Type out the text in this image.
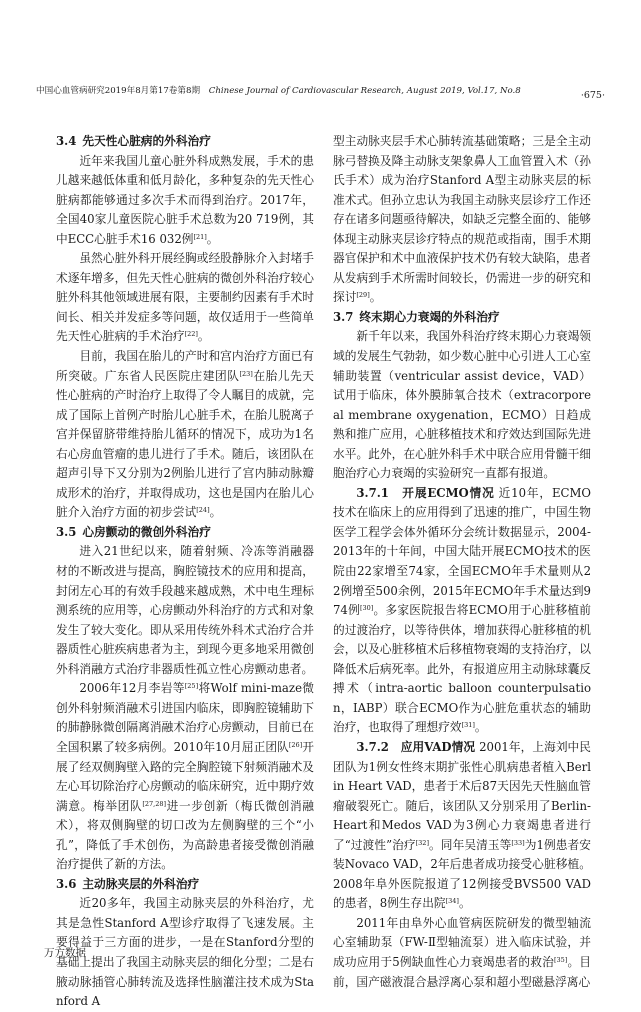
中国心血管病研究2019年8月第17卷第8期 Chinese Journal of Cardiovascular Research, August 2019, Vol.17, No.8	·675·

3.4 先天性心脏病的外科治疗

近年来我国儿童心脏外科成熟发展，手术的患儿越来越低体重和低月龄化，多种复杂的先天性心脏病都能够通过多次手术而得到治疗。2017年，全国40家儿童医院心脏手术总数为20 719例，其中ECC心脏手术16 032例[21]。

虽然心脏外科开展经胸或经股静脉介入封堵手术逐年增多，但先天性心脏病的微创外科治疗较心脏外科其他领域进展有限，主要制约因素有手术时间长、相关并发症多等问题，故仅适用于一些简单先天性心脏病的手术治疗[22]。

目前，我国在胎儿的产时和宫内治疗方面已有所突破。广东省人民医院庄建团队[23]在胎儿先天性心脏病的产时治疗上取得了令人瞩目的成就，完成了国际上首例产时胎儿心脏手术，在胎儿脱离子宫并保留脐带维持胎儿循环的情况下，成功为1名右心房血管瘤的患儿进行了手术。随后，该团队在超声引导下又分别为2例胎儿进行了宫内肺动脉瓣成形术的治疗，并取得成功，这也是国内在胎儿心脏介入治疗方面的初步尝试[24]。

3.5 心房颤动的微创外科治疗

进入21世纪以来，随着射频、冷冻等消融器材的不断改进与提高，胸腔镜技术的应用和提高，封闭左心耳的有效手段越来越成熟，术中电生理标测系统的应用等，心房颤动外科治疗的方式和对象发生了较大变化。即从采用传统外科术式治疗合并器质性心脏疾病患者为主，到现今更多地采用微创外科消融方式治疗非器质性孤立性心房颤动患者。

2006年12月李岩等[25]将Wolf mini-maze微创外科射频消融术引进国内临床，即胸腔镜辅助下的肺静脉微创隔离消融术治疗心房颤动，目前已在全国积累了较多病例。2010年10月屈正团队[26]开展了经双侧胸壁入路的完全胸腔镜下射频消融术及左心耳切除治疗心房颤动的临床研究，近中期疗效满意。梅举团队[27,28]进一步创新（梅氏微创消融术），将双侧胸壁的切口改为左侧胸壁的三个“小孔”，降低了手术创伤，为高龄患者接受微创消融治疗提供了新的方法。

3.6 主动脉夹层的外科治疗

近20多年，我国主动脉夹层的外科治疗，尤其是急性Stanford A型诊疗取得了飞速发展。主要得益于三方面的进步，一是在Stanford分型的基础上提出了我国主动脉夹层的细化分型；二是右腋动脉插管心肺转流及选择性脑灌注技术成为Stanford A

型主动脉夹层手术心肺转流基础策略；三是全主动脉弓替换及降主动脉支架象鼻人工血管置入术（孙氏手术）成为治疗Stanford A型主动脉夹层的标准术式。但孙立忠认为我国主动脉夹层诊疗工作还存在诸多问题亟待解决，如缺乏完整全面的、能够体现主动脉夹层诊疗特点的规范或指南，围手术期器官保护和术中血液保护技术仍有较大缺陷，患者从发病到手术所需时间较长，仍需进一步的研究和探讨[29]。

3.7 终末期心力衰竭的外科治疗

新千年以来，我国外科治疗终末期心力衰竭领域的发展生气勃勃，如少数心脏中心引进人工心室辅助装置（ventricular assist device，VAD）试用于临床，体外膜肺氧合技术（extracorporeal membrane oxygenation，ECMO）日趋成熟和推广应用，心脏移植技术和疗效达到国际先进水平。此外，在心脏外科手术中联合应用骨髓干细胞治疗心力衰竭的实验研究一直都有报道。

3.7.1　开展ECMO情况 近10年，ECMO技术在临床上的应用得到了迅速的推广，中国生物医学工程学会体外循环分会统计数据显示，2004-2013年的十年间，中国大陆开展ECMO技术的医院由22家增至74家，全国ECMO年手术量则从22例增至500余例，2015年ECMO年手术量达到974例[30]。多家医院报告将ECMO用于心脏移植前的过渡治疗，以等待供体，增加获得心脏移植的机会，以及心脏移植术后移植物衰竭的支持治疗，以降低术后病死率。此外，有报道应用主动脉球囊反搏术（intra-aortic balloon counterpulsation，IABP）联合ECMO作为心脏危重状态的辅助治疗，也取得了理想疗效[31]。

3.7.2　应用VAD情况 2001年，上海刘中民团队为1例女性终末期扩张性心肌病患者植入Berlin Heart VAD，患者于术后87天因先天性脑血管瘤破裂死亡。随后，该团队又分别采用了Berlin-Heart和Medos VAD为3例心力衰竭患者进行了“过渡性”治疗[32]。同年吴清玉等[33]为1例患者安装Novaco VAD，2年后患者成功接受心脏移植。2008年阜外医院报道了12例接受BVS500 VAD的患者，8例生存出院[34]。

2011年由阜外心血管病医院研发的微型轴流心室辅助泵（FW-Ⅱ型轴流泵）进入临床试验，并成功应用于5例缺血性心力衰竭患者的救治[35]。目前，国产磁液混合悬浮离心泵和超小型磁悬浮离心

万方数据
